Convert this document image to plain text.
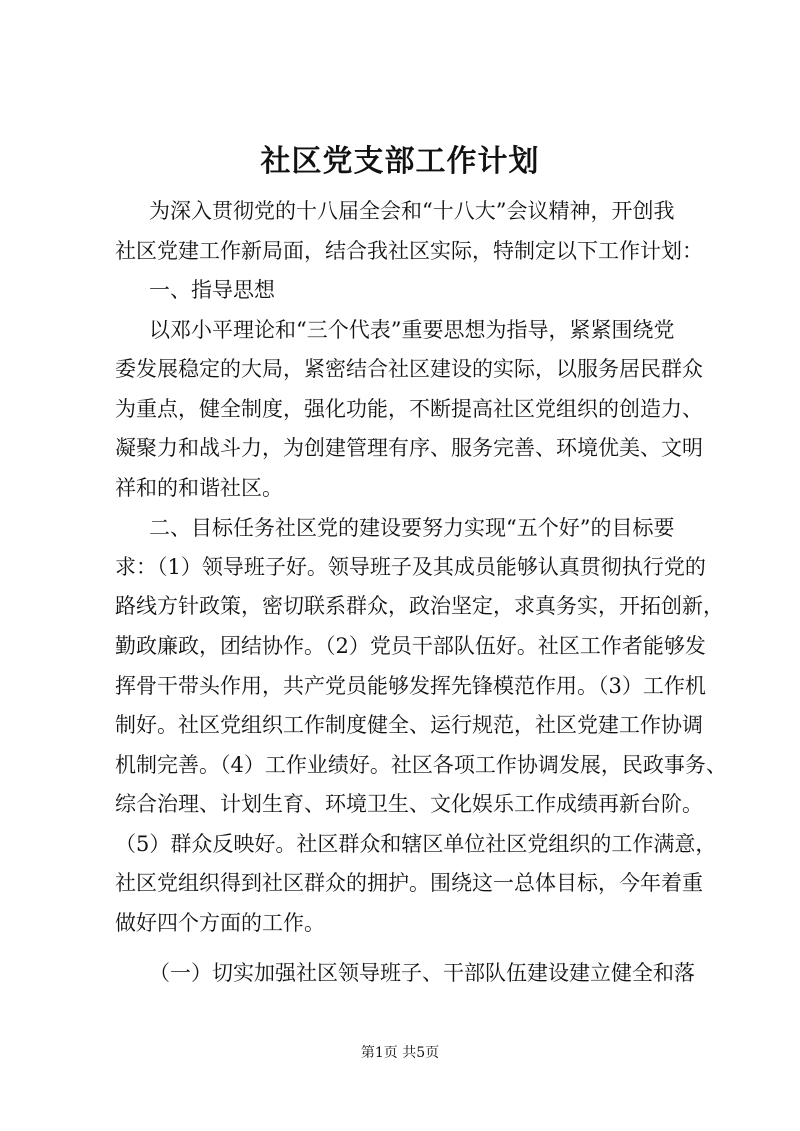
社区党支部工作计划
为深入贯彻党的十八届全会和“十八大”会议精神，开创我
社区党建工作新局面，结合我社区实际，特制定以下工作计划：
一、指导思想
以邓小平理论和“三个代表”重要思想为指导，紧紧围绕党
委发展稳定的大局，紧密结合社区建设的实际，以服务居民群众
为重点，健全制度，强化功能，不断提高社区党组织的创造力、
凝聚力和战斗力，为创建管理有序、服务完善、环境优美、文明
祥和的和谐社区。
二、目标任务社区党的建设要努力实现“五个好”的目标要
求：（1）领导班子好。领导班子及其成员能够认真贯彻执行党的
路线方针政策，密切联系群众，政治坚定，求真务实，开拓创新，
勤政廉政，团结协作。（2）党员干部队伍好。社区工作者能够发
挥骨干带头作用，共产党员能够发挥先锋模范作用。（3）工作机
制好。社区党组织工作制度健全、运行规范，社区党建工作协调
机制完善。（4）工作业绩好。社区各项工作协调发展，民政事务、
综合治理、计划生育、环境卫生、文化娱乐工作成绩再新台阶。
（5）群众反映好。社区群众和辖区单位社区党组织的工作满意，
社区党组织得到社区群众的拥护。围绕这一总体目标，今年着重
做好四个方面的工作。
（一）切实加强社区领导班子、干部队伍建设建立健全和落
第1页 共5页
